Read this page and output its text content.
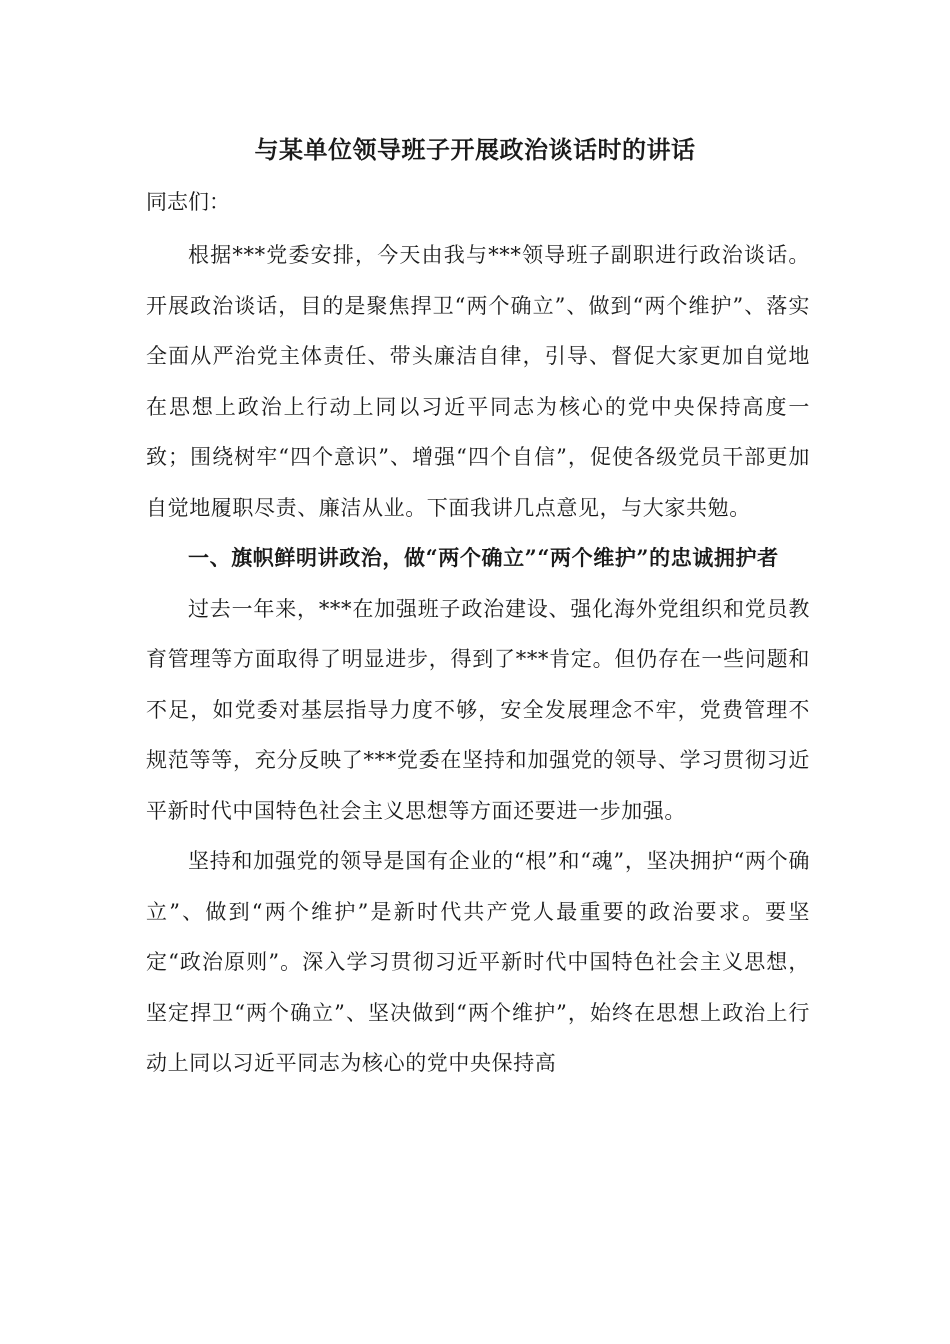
与某单位领导班子开展政治谈话时的讲话

同志们：

根据***党委安排，今天由我与***领导班子副职进行政治谈话。开展政治谈话，目的是聚焦捍卫“两个确立”、做到“两个维护”、落实全面从严治党主体责任、带头廉洁自律，引导、督促大家更加自觉地在思想上政治上行动上同以习近平同志为核心的党中央保持高度一致；围绕树牢“四个意识”、增强“四个自信”，促使各级党员干部更加自觉地履职尽责、廉洁从业。下面我讲几点意见，与大家共勉。

一、旗帜鲜明讲政治，做“两个确立”“两个维护”的忠诚拥护者

过去一年来，***在加强班子政治建设、强化海外党组织和党员教育管理等方面取得了明显进步，得到了***肯定。但仍存在一些问题和不足，如党委对基层指导力度不够，安全发展理念不牢，党费管理不规范等等，充分反映了***党委在坚持和加强党的领导、学习贯彻习近平新时代中国特色社会主义思想等方面还要进一步加强。

坚持和加强党的领导是国有企业的“根”和“魂”，坚决拥护“两个确立”、做到“两个维护”是新时代共产党人最重要的政治要求。要坚定“政治原则”。深入学习贯彻习近平新时代中国特色社会主义思想，坚定捍卫“两个确立”、坚决做到“两个维护”，始终在思想上政治上行动上同以习近平同志为核心的党中央保持高
